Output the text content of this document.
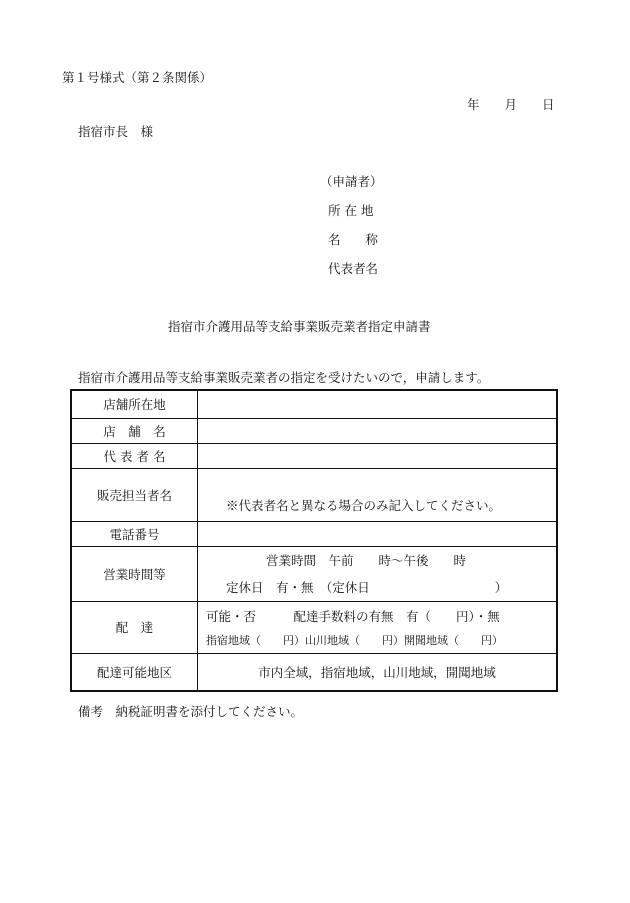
第１号様式（第２条関係）
年　　月　　日
指宿市長　様
（申請者）
所 在 地
名　　称
代表者名
指宿市介護用品等支給事業販売業者指定申請書
指宿市介護用品等支給事業販売業者の指定を受けたいので，申請します。
店舗所在地	
店　舗　名	
代 表 者 名	
販売担当者名	※代表者名と異なる場合のみ記入してください。

電話番号	
営業時間等	営業時間　午前　　時～午後　　時
定休日　有・無　（定休日　　　　　　　　　　）

配　達	可能・否　　　配達手数料の有無　有（　　円）・無
指宿地域（　　円）山川地域（　　円）開聞地域（　　円）

配達可能地区	市内全域，指宿地域，山川地域，開聞地域
備考　納税証明書を添付してください。
